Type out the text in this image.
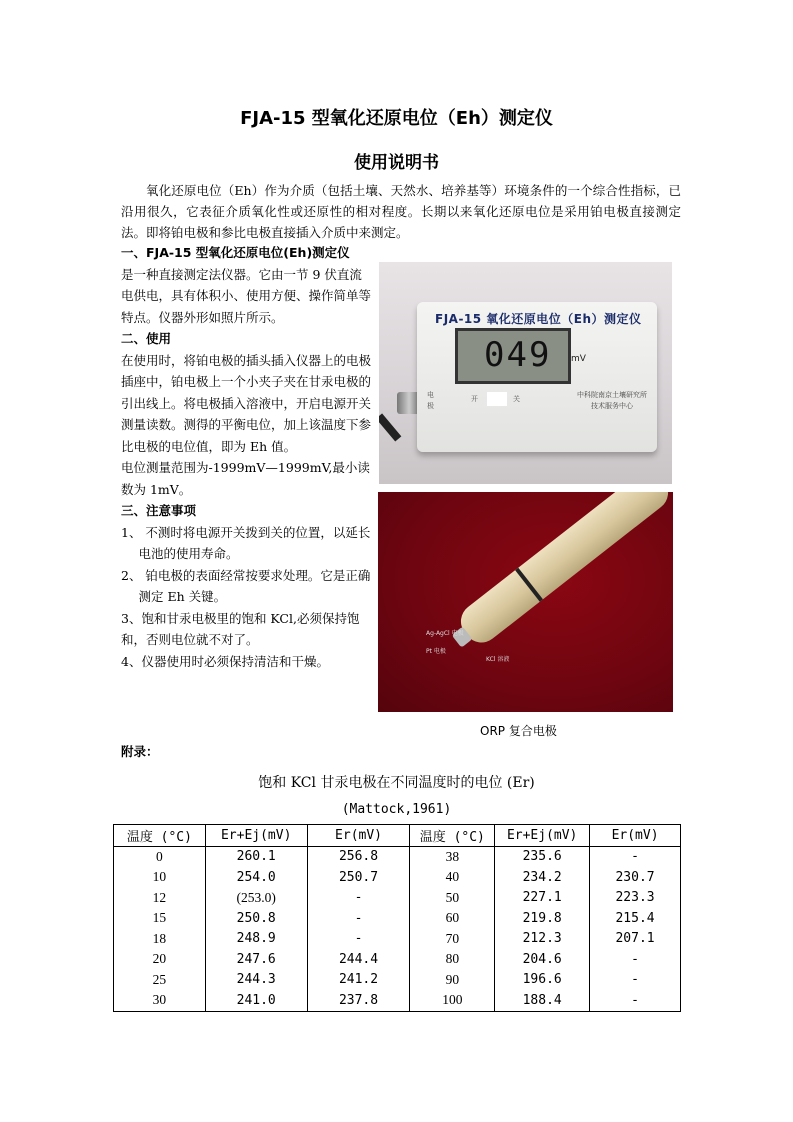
FJA-15 型氧化还原电位（Eh）测定仪
使用说明书

氧化还原电位（Eh）作为介质（包括土壤、天然水、培养基等）环境条件的一个综合性指标，已沿用很久，它表征介质氧化性或还原性的相对程度。长期以来氧化还原电位是采用铂电极直接测定法。即将铂电极和参比电极直接插入介质中来测定。

一、FJA-15 型氧化还原电位(Eh)测定仪

是一种直接测定法仪器。它由一节 9 伏直流电供电，具有体积小、使用方便、操作简单等特点。仪器外形如照片所示。

二、使用

在使用时，将铂电极的插头插入仪器上的电极插座中，铂电极上一个小夹子夹在甘汞电极的引出线上。将电极插入溶液中，开启电源开关测量读数。测得的平衡电位，加上该温度下参比电极的电位值，即为 Eh 值。

电位测量范围为-1999mV—1999mV,最小读数为 1mV。

三、注意事项

1、 不测时将电源开关拨到关的位置，以延长电池的使用寿命。

2、 铂电极的表面经常按要求处理。它是正确测定 Eh 关键。

3、饱和甘汞电极里的饱和 KCl,必须保持饱和，否则电位就不对了。

4、仪器使用时必须保持清洁和干燥。

FJA-15 氧化还原电位（Eh）测定仪
049 mV
电 极
开	关	中科院南京土壤研究所 技术服务中心
Ag-AgCl 电极
Pt 电极
KCl 溶液
ORP 复合电极
附录：
饱和 KCl 甘汞电极在不同温度时的电位 (Er)
(Mattock,1961)
温度 (°C)	Er+Ej(mV)	Er(mV)	温度 (°C)	Er+Ej(mV)	Er(mV)
0	260.1	256.8	38	235.6	-
10	254.0	250.7	40	234.2	230.7
12	(253.0)	-	50	227.1	223.3
15	250.8	-	60	219.8	215.4
18	248.9	-	70	212.3	207.1
20	247.6	244.4	80	204.6	-
25	244.3	241.2	90	196.6	-
30	241.0	237.8	100	188.4	-
